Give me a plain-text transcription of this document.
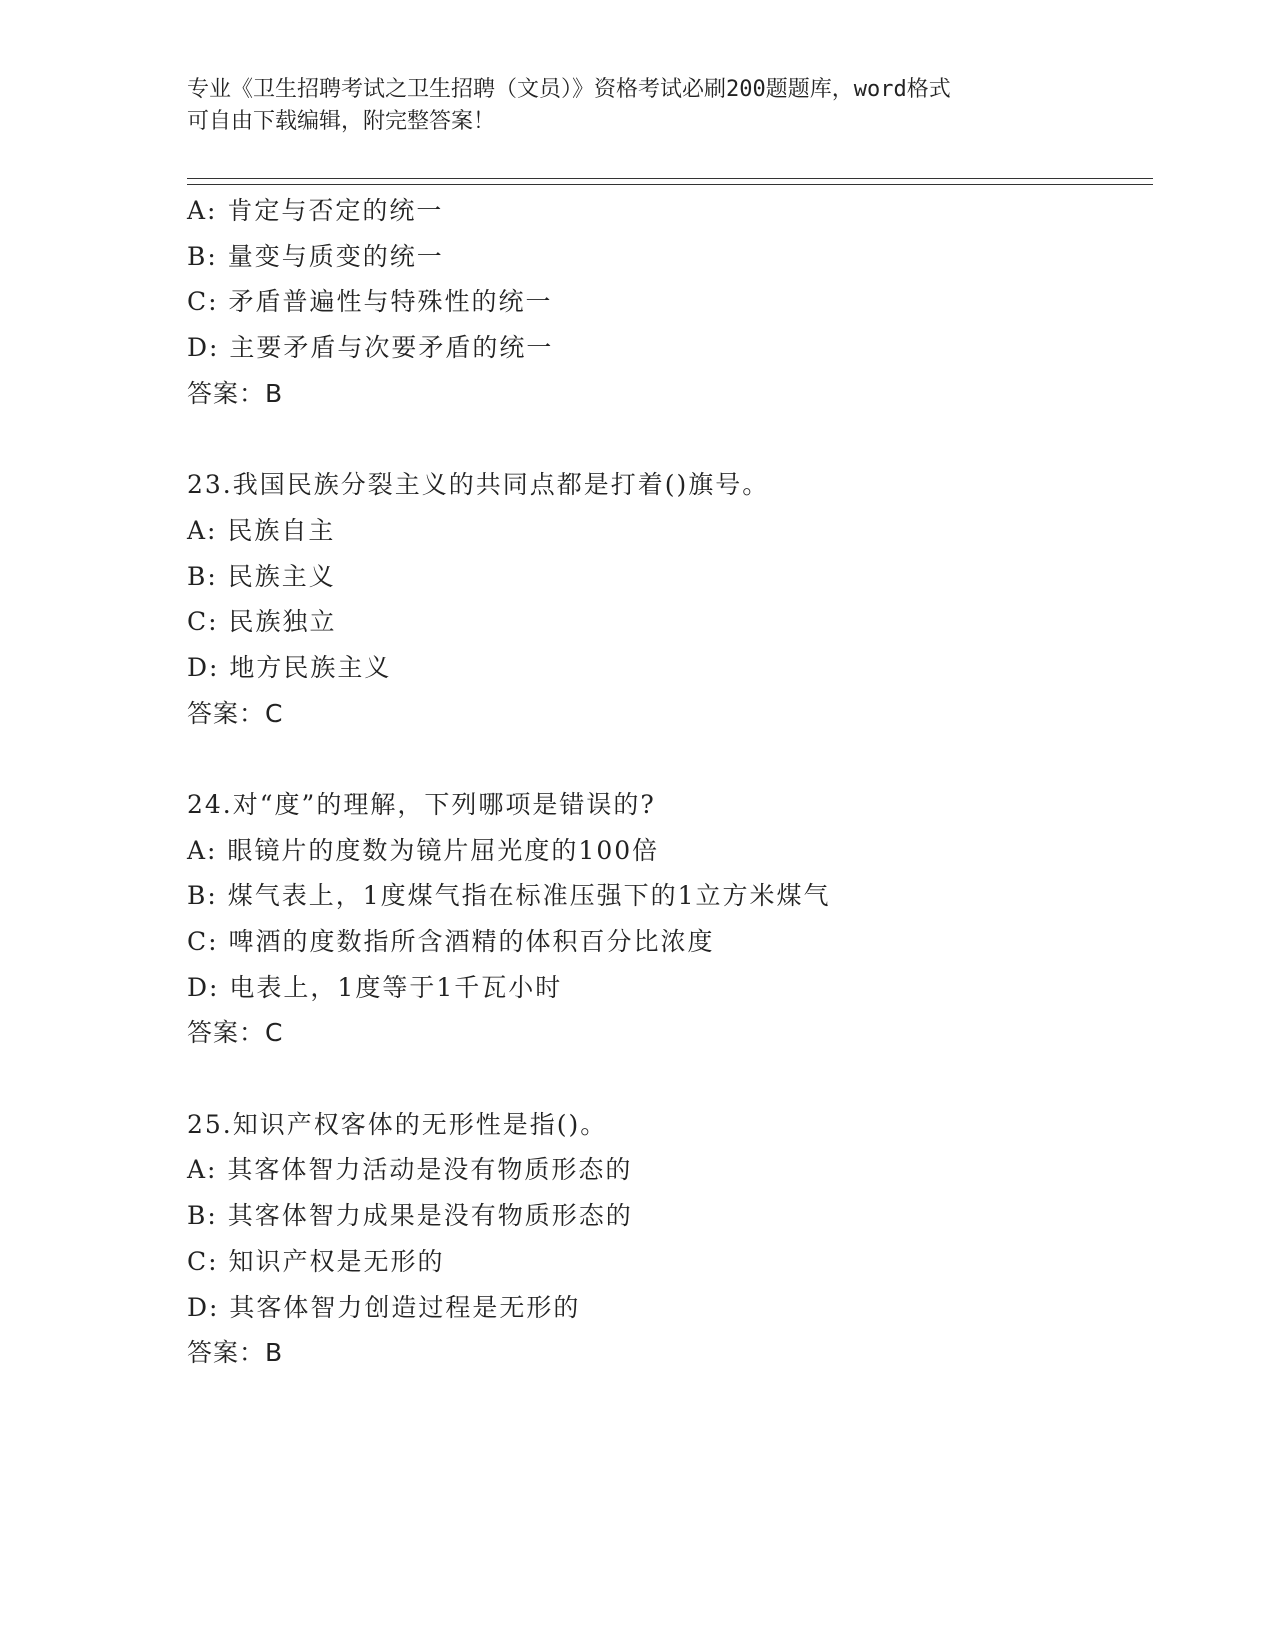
专业《卫生招聘考试之卫生招聘（文员）》资格考试必刷200题题库，word格式
可自由下载编辑，附完整答案！
A: 肯定与否定的统一
B: 量变与质变的统一
C: 矛盾普遍性与特殊性的统一
D: 主要矛盾与次要矛盾的统一
答案：B
23.我国民族分裂主义的共同点都是打着()旗号。
A: 民族自主
B: 民族主义
C: 民族独立
D: 地方民族主义
答案：C
24.对“度”的理解，下列哪项是错误的?
A: 眼镜片的度数为镜片屈光度的100倍
B: 煤气表上，1度煤气指在标准压强下的1立方米煤气
C: 啤酒的度数指所含酒精的体积百分比浓度
D: 电表上，1度等于1千瓦小时
答案：C
25.知识产权客体的无形性是指()。
A: 其客体智力活动是没有物质形态的
B: 其客体智力成果是没有物质形态的
C: 知识产权是无形的
D: 其客体智力创造过程是无形的
答案：B
